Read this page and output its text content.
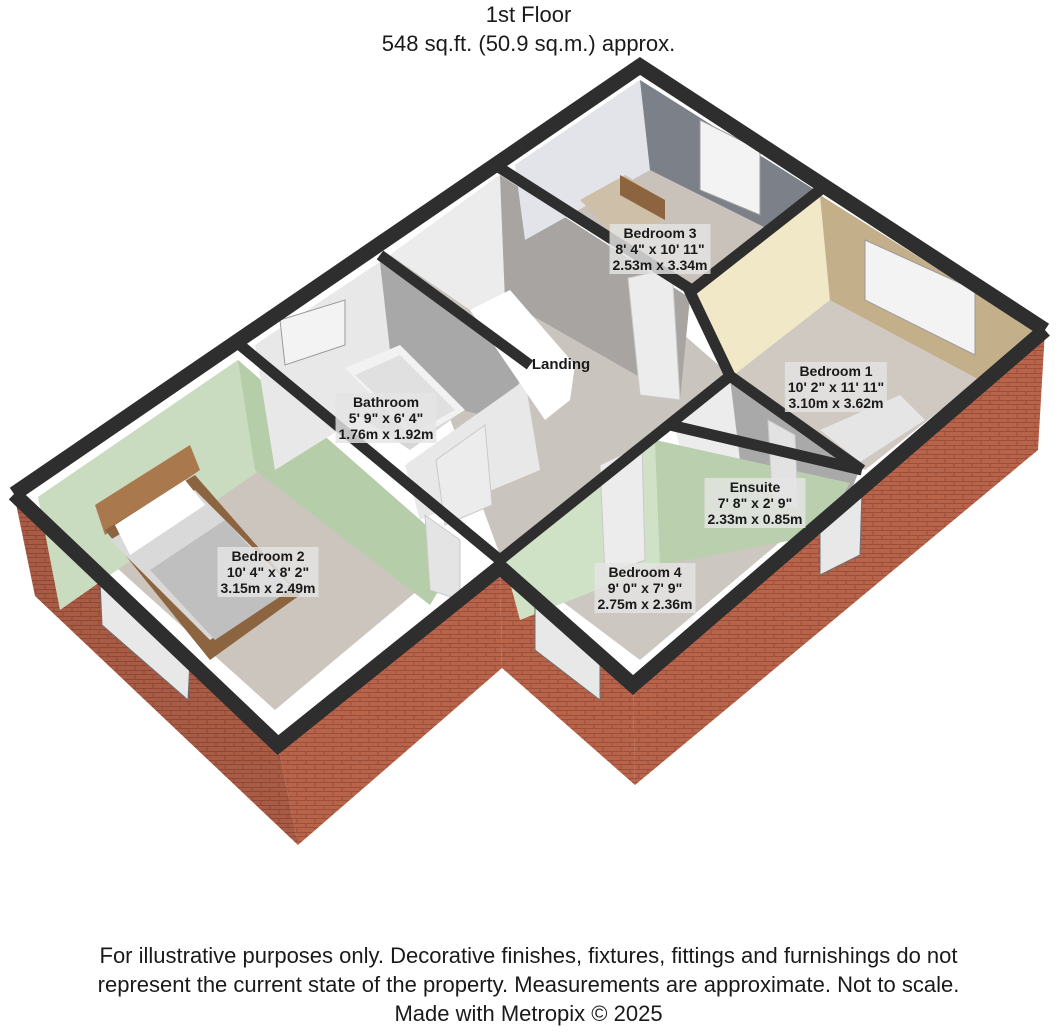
1st Floor
548 sq.ft. (50.9 sq.m.) approx.
Bedroom 3
8' 4" x 10' 11"
2.53m x 3.34m
Bedroom 1
10' 2" x 11' 11"
3.10m x 3.62m
Bathroom
5' 9" x 6' 4"
1.76m x 1.92m
Ensuite
7' 8" x 2' 9"
2.33m x 0.85m
Bedroom 2
10' 4" x 8' 2"
3.15m x 2.49m
Bedroom 4
9' 0" x 7' 9"
2.75m x 2.36m
Landing
For illustrative purposes only. Decorative finishes, fixtures, fittings and furnishings do not
represent the current state of the property. Measurements are approximate. Not to scale.
Made with Metropix © 2025
